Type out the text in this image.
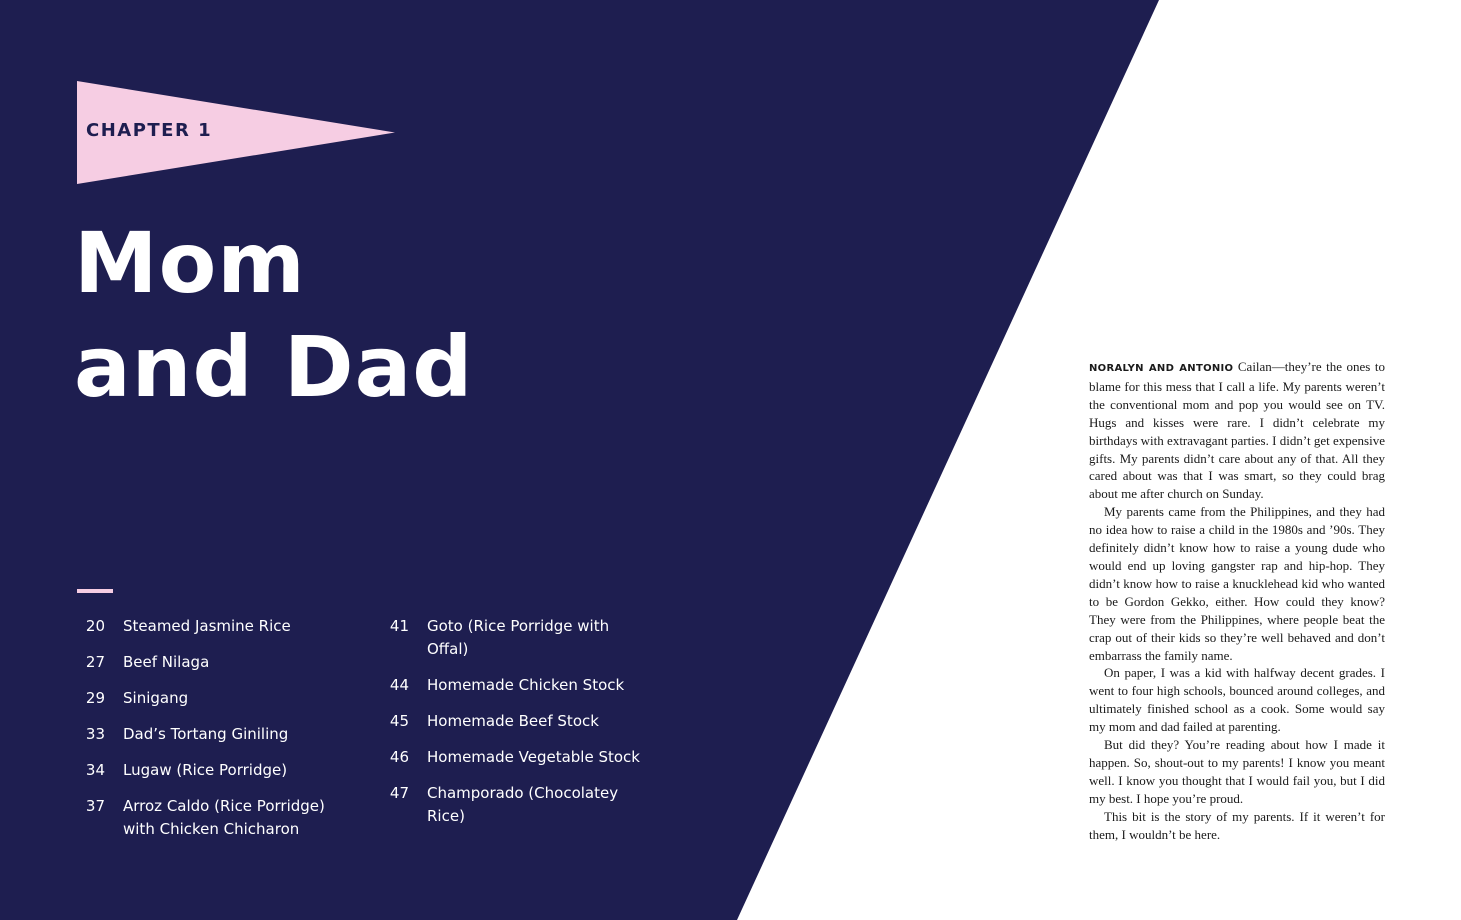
CHAPTER 1
Mom
and Dad
20	Steamed Jasmine Rice
27	Beef Nilaga
29	Sinigang
33	Dad’s Tortang Giniling
34	Lugaw (Rice Porridge)
37	Arroz Caldo (Rice Porridge) with Chicken Chicharon
41	Goto (Rice Porridge with Offal)
44	Homemade Chicken Stock
45	Homemade Beef Stock
46	Homemade Vegetable Stock
47	Champorado (Chocolatey Rice)

NORALYN AND ANTONIO Cailan—they’re the ones to blame for this mess that I call a life. My parents weren’t the conventional mom and pop you would see on TV. Hugs and kisses were rare. I didn’t celebrate my birthdays with extravagant parties. I didn’t get expensive gifts. My parents didn’t care about any of that. All they cared about was that I was smart, so they could brag about me after church on Sunday.

My parents came from the Philippines, and they had no idea how to raise a child in the 1980s and ’90s. They definitely didn’t know how to raise a young dude who would end up loving gangster rap and hip-hop. They didn’t know how to raise a knucklehead kid who wanted to be Gordon Gekko, either. How could they know? They were from the Philippines, where people beat the crap out of their kids so they’re well behaved and don’t embarrass the family name.

On paper, I was a kid with halfway decent grades. I went to four high schools, bounced around colleges, and ultimately finished school as a cook. Some would say my mom and dad failed at parenting.

But did they? You’re reading about how I made it happen. So, shout-out to my parents! I know you meant well. I know you thought that I would fail you, but I did my best. I hope you’re proud.

This bit is the story of my parents. If it weren’t for them, I wouldn’t be here.
